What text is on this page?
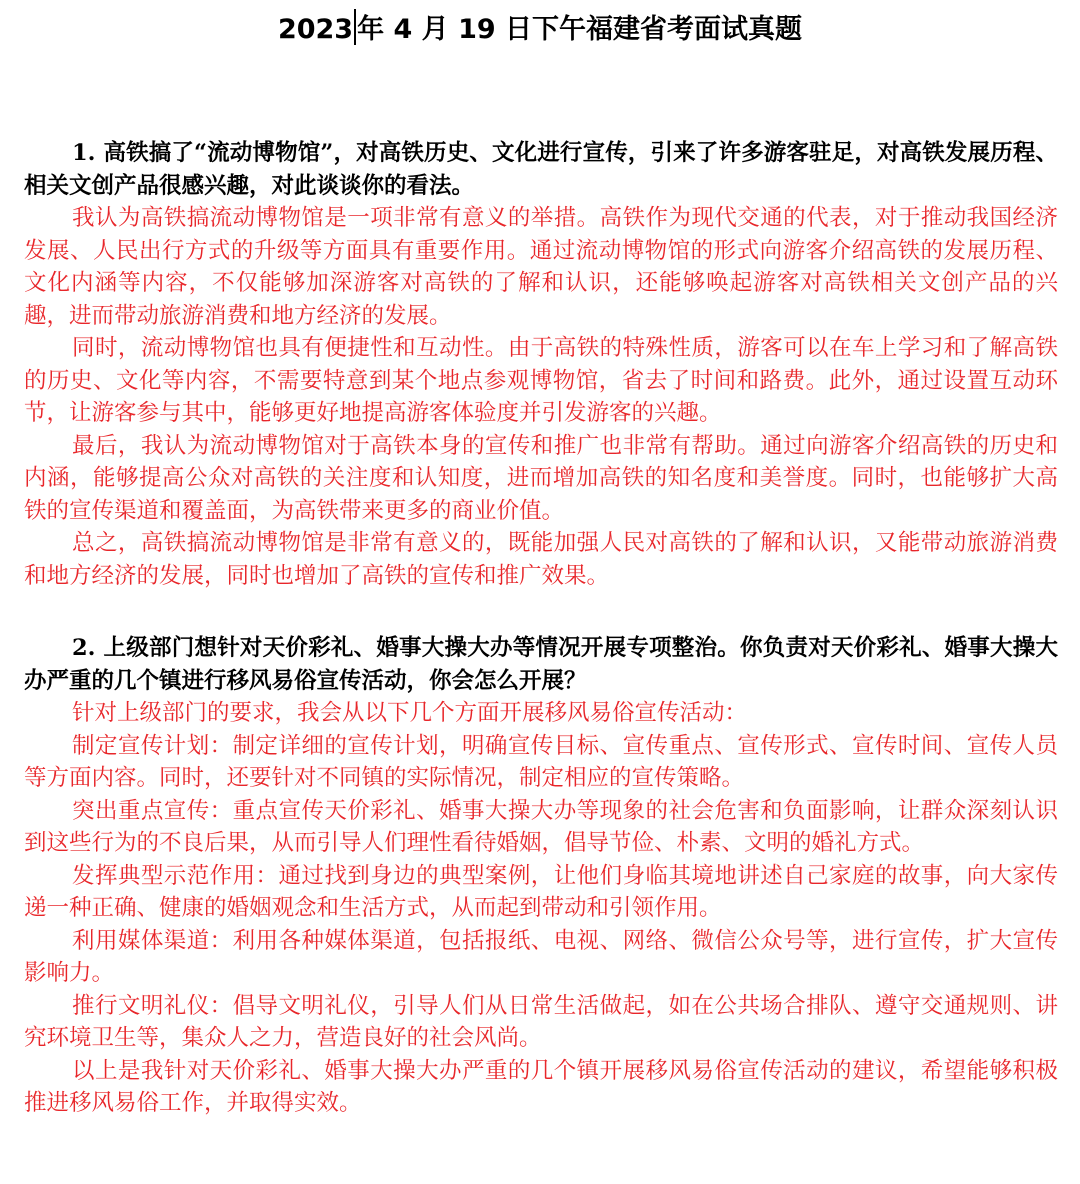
2023 年 4 月 19 日下午福建省考面试真题

1. 高铁搞了“流动博物馆”，对高铁历史、文化进行宣传，引来了许多游客驻足，对高铁发展历程、相关文创产品很感兴趣，对此谈谈你的看法。

我认为高铁搞流动博物馆是一项非常有意义的举措。高铁作为现代交通的代表，对于推动我国经济发展、人民出行方式的升级等方面具有重要作用。通过流动博物馆的形式向游客介绍高铁的发展历程、文化内涵等内容，不仅能够加深游客对高铁的了解和认识，还能够唤起游客对高铁相关文创产品的兴趣，进而带动旅游消费和地方经济的发展。

同时，流动博物馆也具有便捷性和互动性。由于高铁的特殊性质，游客可以在车上学习和了解高铁的历史、文化等内容，不需要特意到某个地点参观博物馆，省去了时间和路费。此外，通过设置互动环节，让游客参与其中，能够更好地提高游客体验度并引发游客的兴趣。

最后，我认为流动博物馆对于高铁本身的宣传和推广也非常有帮助。通过向游客介绍高铁的历史和内涵，能够提高公众对高铁的关注度和认知度，进而增加高铁的知名度和美誉度。同时，也能够扩大高铁的宣传渠道和覆盖面，为高铁带来更多的商业价值。

总之，高铁搞流动博物馆是非常有意义的，既能加强人民对高铁的了解和认识，又能带动旅游消费和地方经济的发展，同时也增加了高铁的宣传和推广效果。

2. 上级部门想针对天价彩礼、婚事大操大办等情况开展专项整治。你负责对天价彩礼、婚事大操大办严重的几个镇进行移风易俗宣传活动，你会怎么开展？

针对上级部门的要求，我会从以下几个方面开展移风易俗宣传活动：

制定宣传计划：制定详细的宣传计划，明确宣传目标、宣传重点、宣传形式、宣传时间、宣传人员等方面内容。同时，还要针对不同镇的实际情况，制定相应的宣传策略。

突出重点宣传：重点宣传天价彩礼、婚事大操大办等现象的社会危害和负面影响，让群众深刻认识到这些行为的不良后果，从而引导人们理性看待婚姻，倡导节俭、朴素、文明的婚礼方式。

发挥典型示范作用：通过找到身边的典型案例，让他们身临其境地讲述自己家庭的故事，向大家传递一种正确、健康的婚姻观念和生活方式，从而起到带动和引领作用。

利用媒体渠道：利用各种媒体渠道，包括报纸、电视、网络、微信公众号等，进行宣传，扩大宣传影响力。

推行文明礼仪：倡导文明礼仪，引导人们从日常生活做起，如在公共场合排队、遵守交通规则、讲究环境卫生等，集众人之力，营造良好的社会风尚。

以上是我针对天价彩礼、婚事大操大办严重的几个镇开展移风易俗宣传活动的建议，希望能够积极推进移风易俗工作，并取得实效。
